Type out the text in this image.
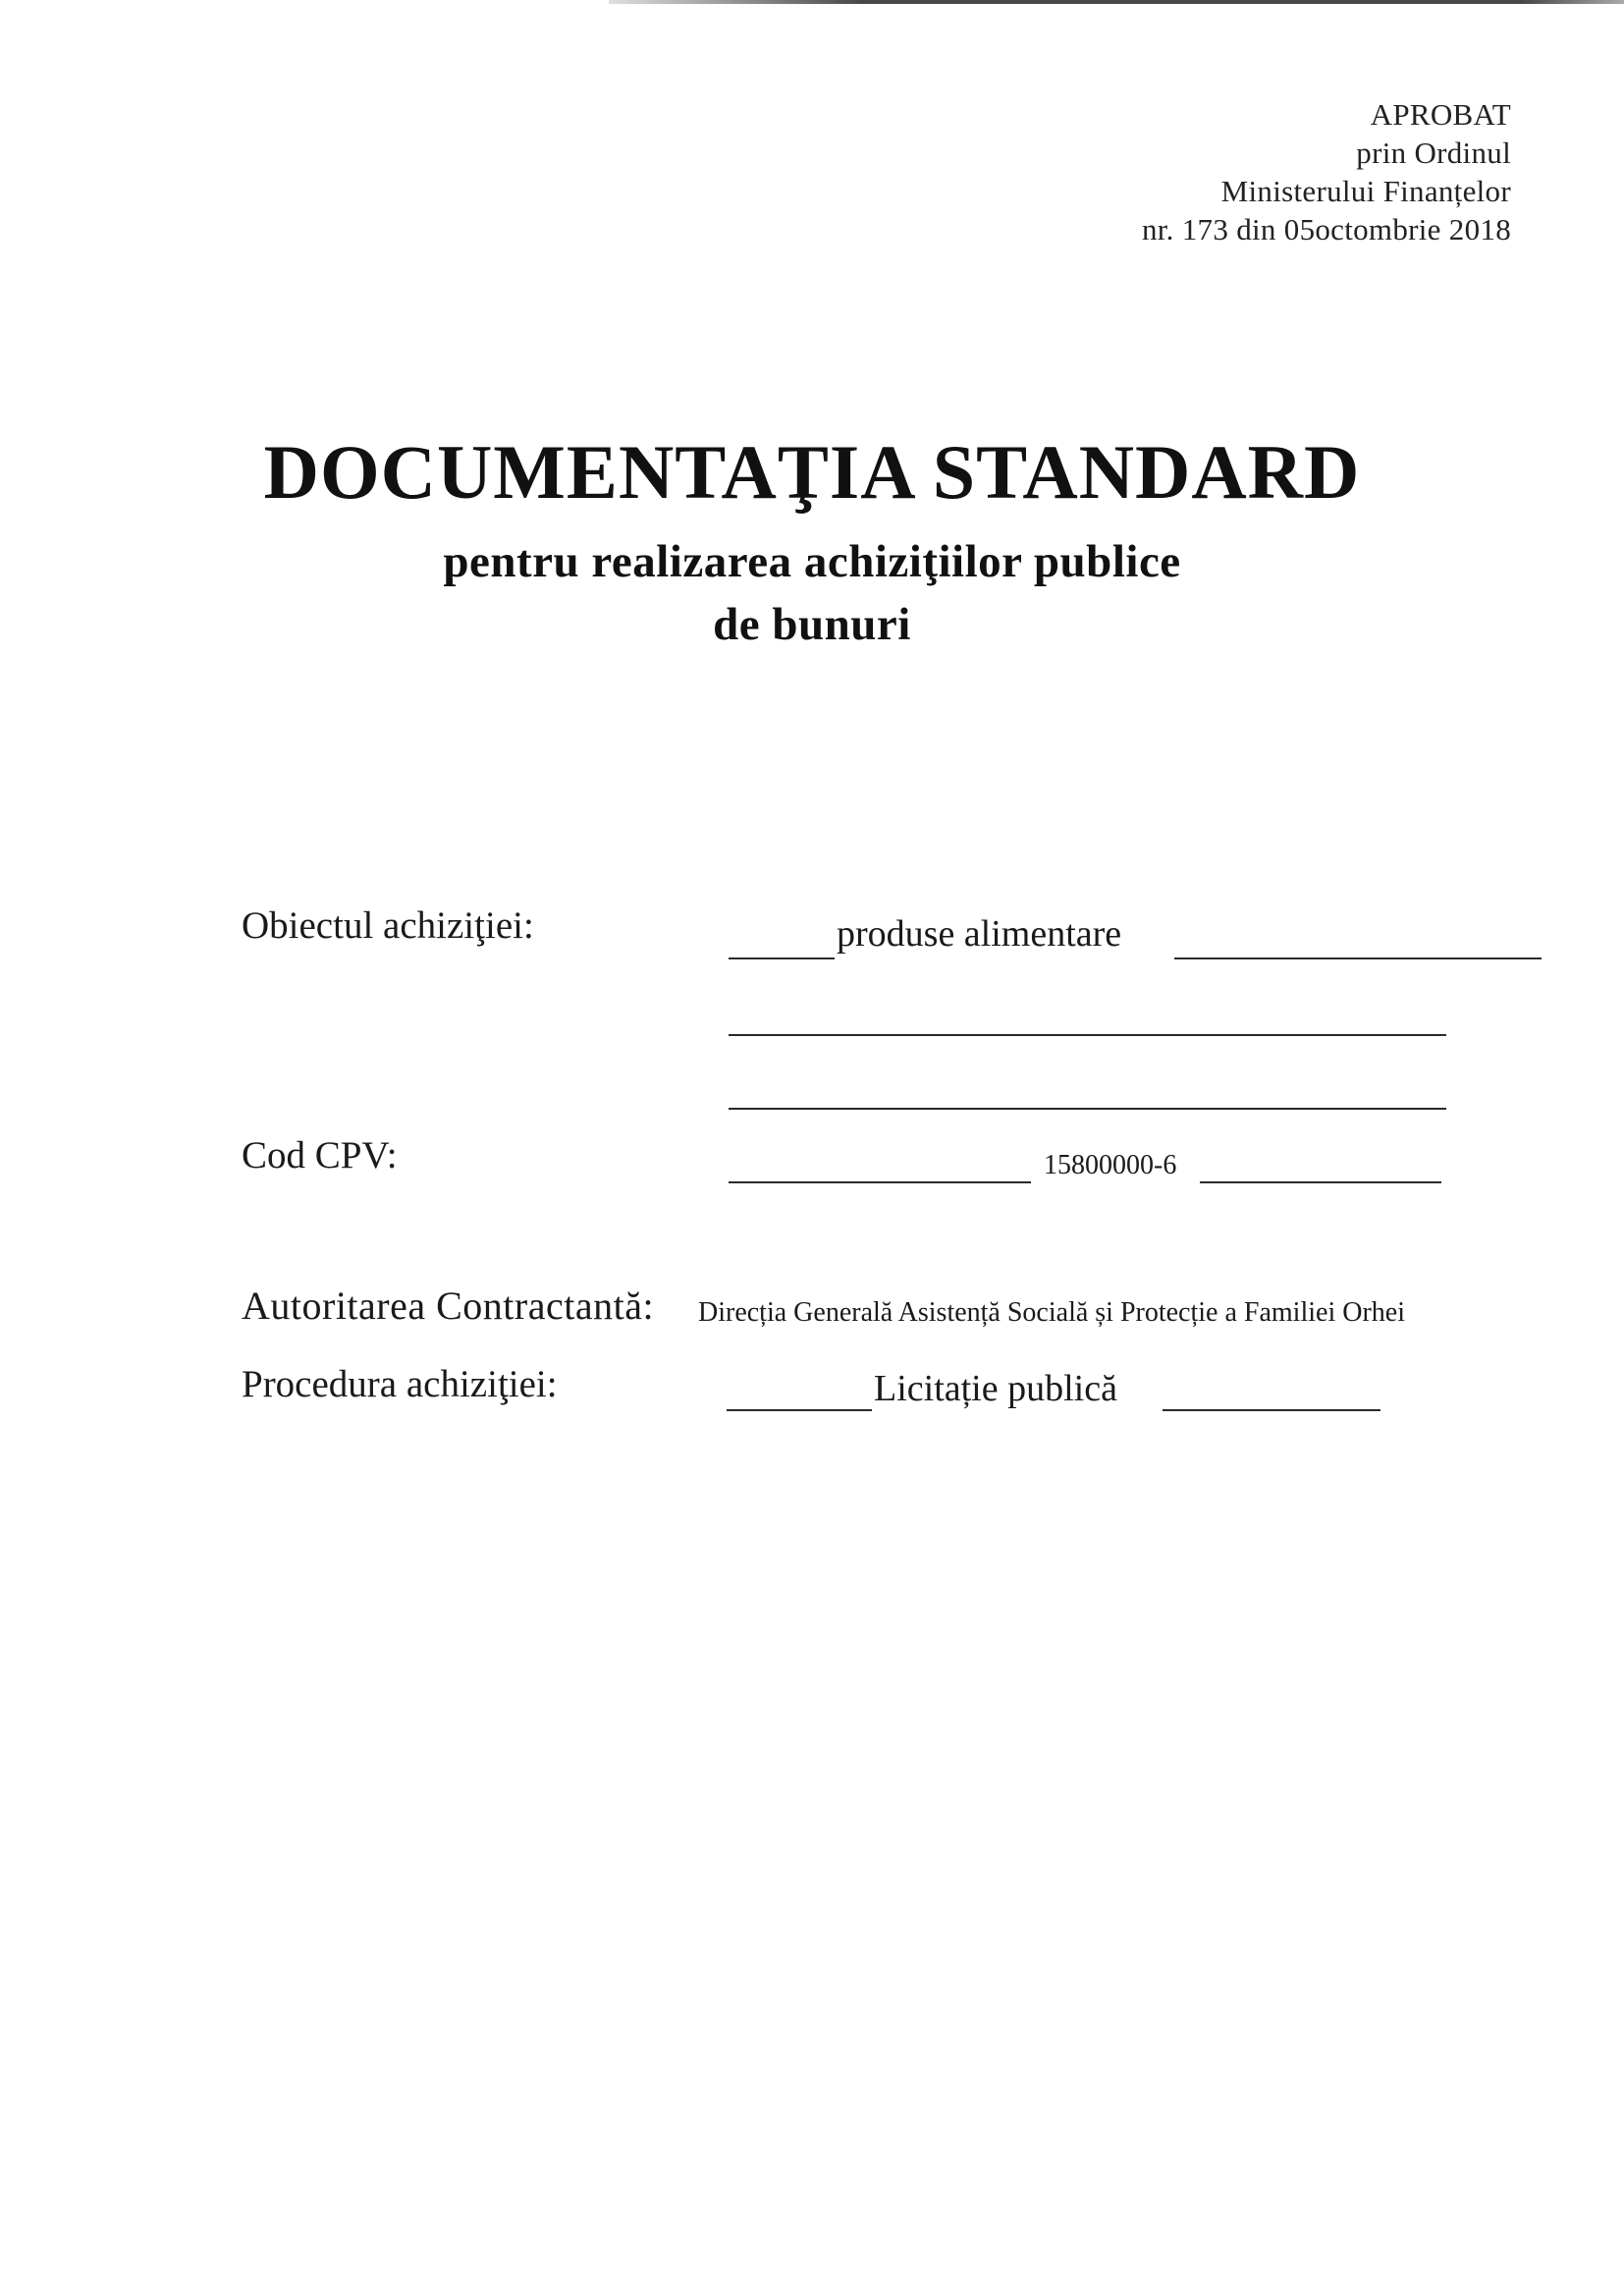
APROBAT
prin Ordinul
Ministerului Finanțelor
nr. 173 din 05octombrie 2018
DOCUMENTAŢIA STANDARD
pentru realizarea achiziţiilor publice
de bunuri
Obiectul achiziţiei:	produse alimentare
Cod CPV:	15800000-6
Autoritarea Contractantă: Direcția Generală Asistență Socială și Protecție a Familiei Orhei
Procedura achiziţiei:	Licitație publică
